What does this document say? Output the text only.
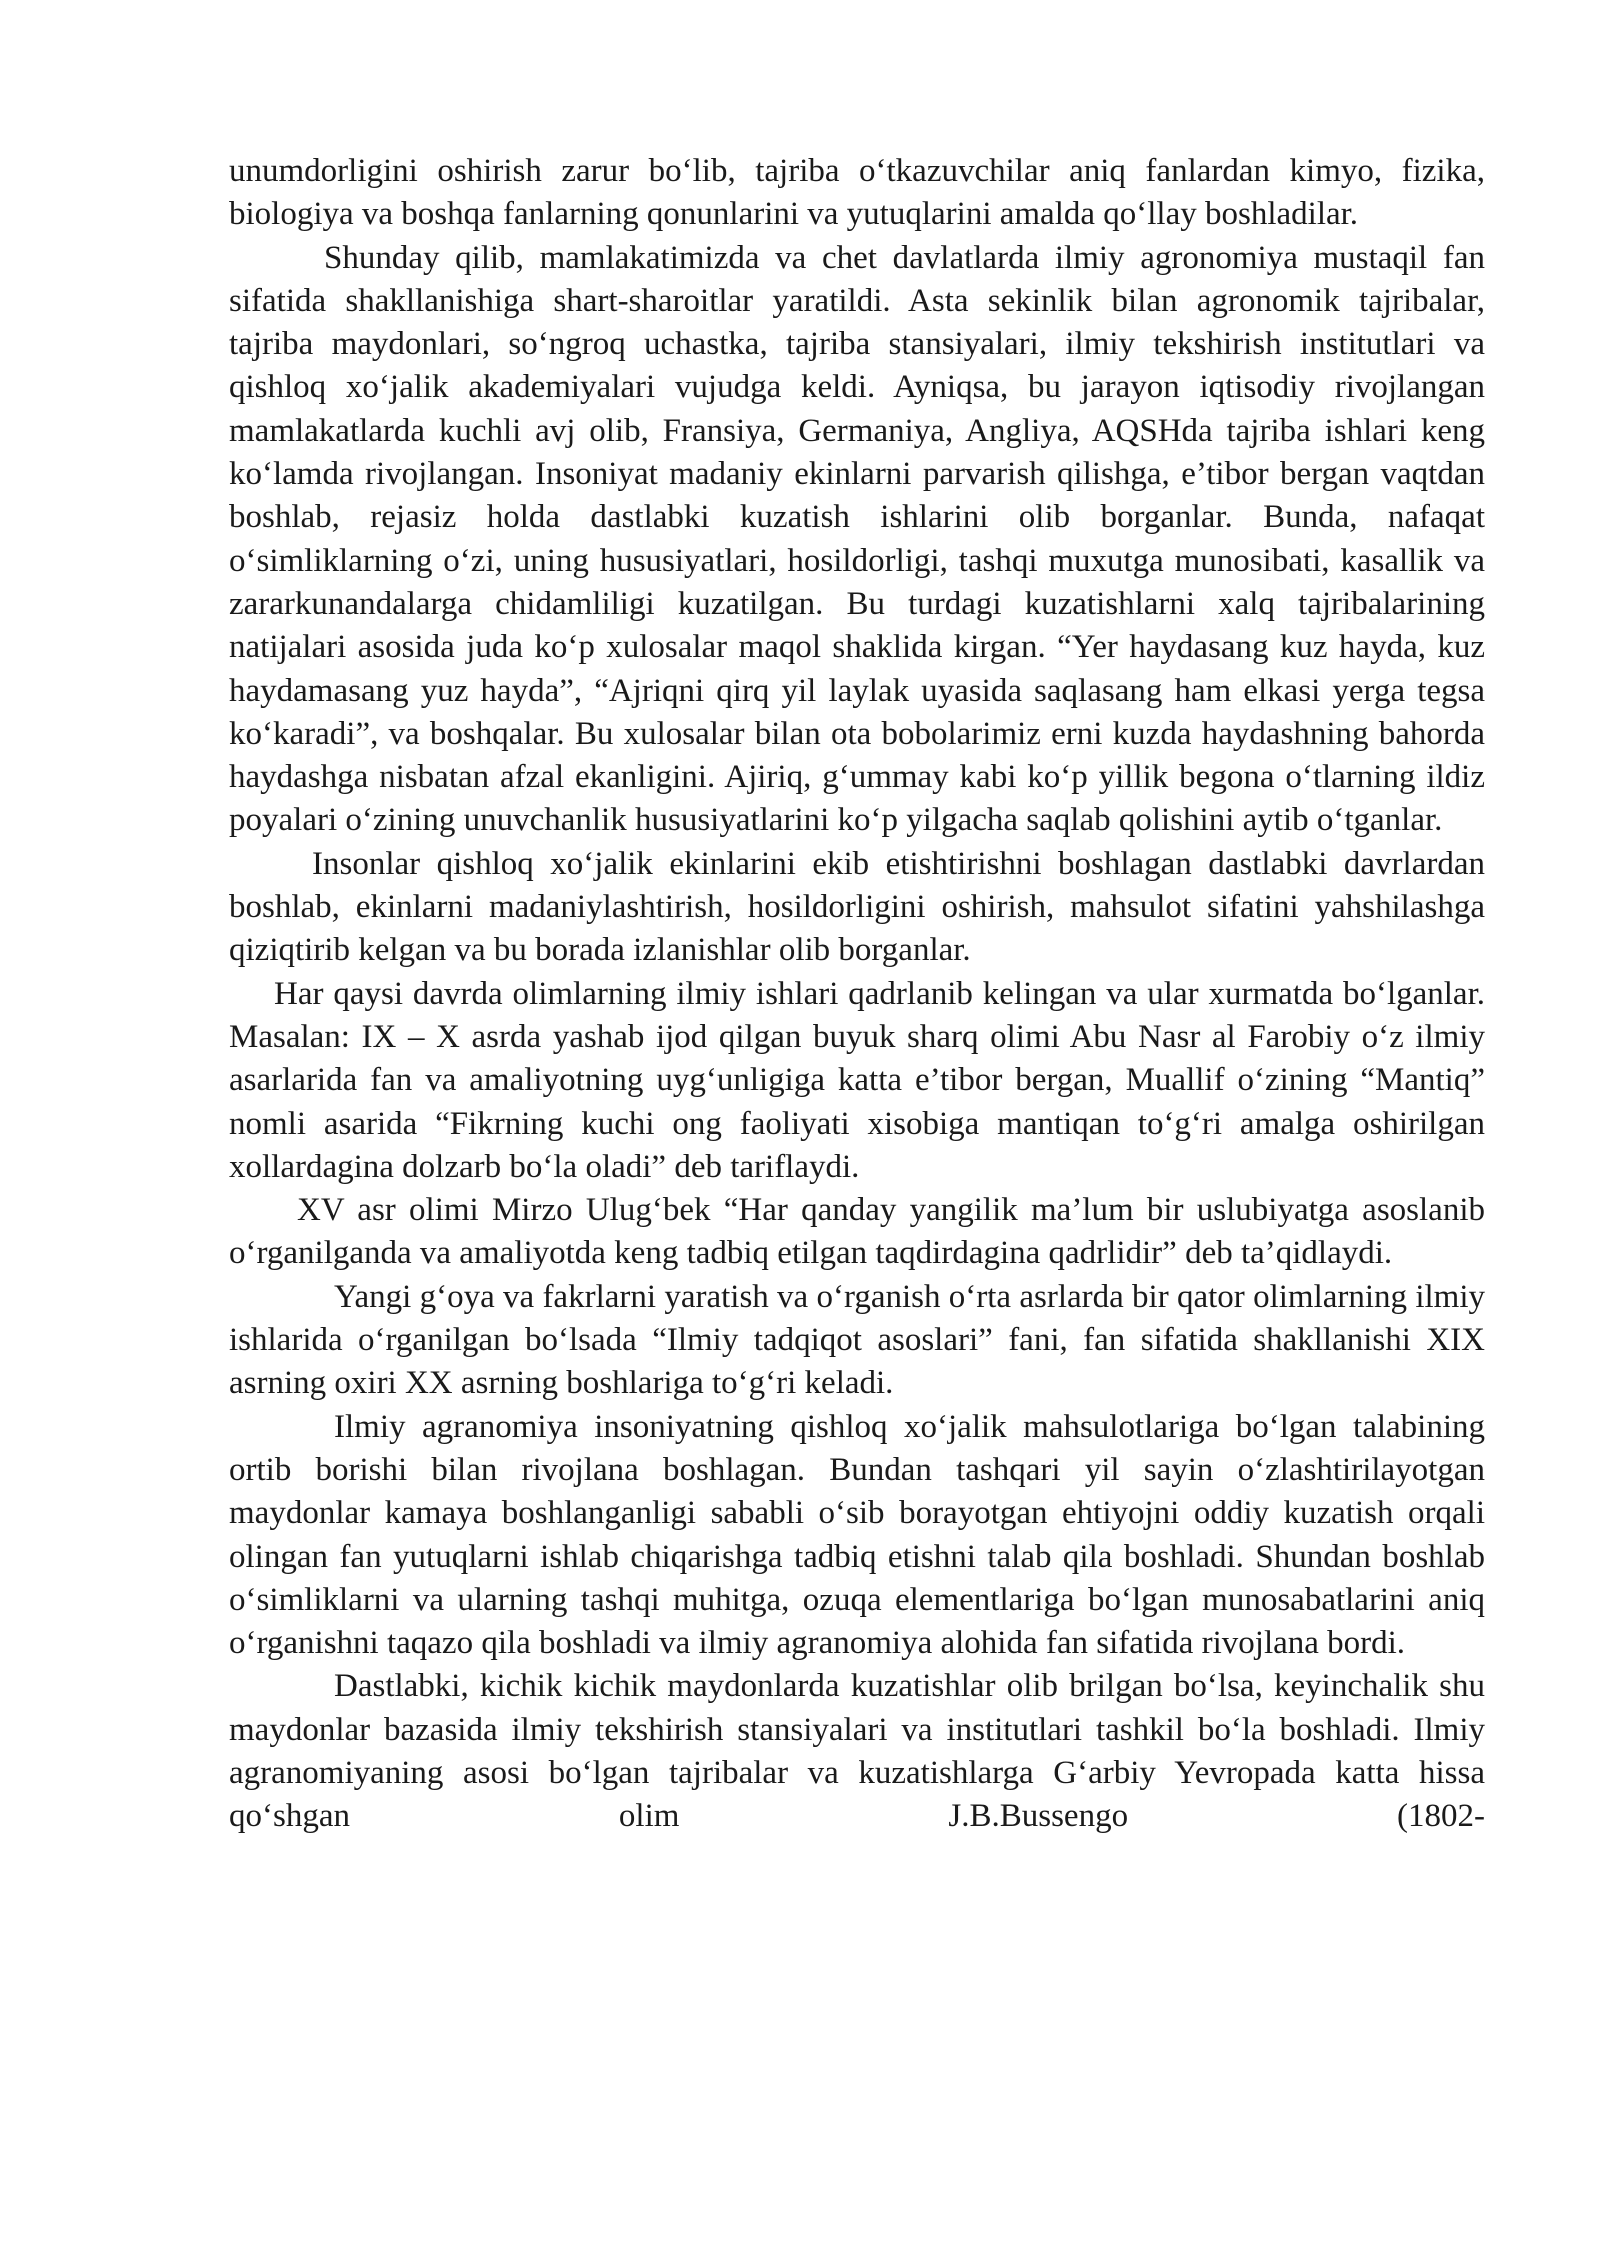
unumdorligini oshirish zarur bo‘lib, tajriba o‘tkazuvchilar aniq fanlardan kimyo, fizika, biologiya va boshqa fanlarning qonunlarini va yutuqlarini amalda qo‘llay boshladilar.

Shunday qilib, mamlakatimizda va chet davlatlarda ilmiy agronomiya mustaqil fan sifatida shakllanishiga shart-sharoitlar yaratildi. Asta sekinlik bilan agronomik tajribalar, tajriba maydonlari, so‘ngroq uchastka, tajriba stansiyalari, ilmiy tekshirish institutlari va qishloq xo‘jalik akademiyalari vujudga keldi. Ayniqsa, bu jarayon iqtisodiy rivojlangan mamlakatlarda kuchli avj olib, Fransiya, Germaniya, Angliya, AQSHda tajriba ishlari keng ko‘lamda rivojlangan. Insoniyat madaniy ekinlarni parvarish qilishga, e’tibor bergan vaqtdan boshlab, rejasiz holda dastlabki kuzatish ishlarini olib borganlar. Bunda, nafaqat o‘simliklarning o‘zi, uning hususiyatlari, hosildorligi, tashqi muxutga munosibati, kasallik va zararkunandalarga chidamliligi kuzatilgan. Bu turdagi kuzatishlarni xalq tajribalarining natijalari asosida juda ko‘p xulosalar maqol shaklida kirgan. “Yer haydasang kuz hayda, kuz haydamasang yuz hayda”, “Ajriqni qirq yil laylak uyasida saqlasang ham elkasi yerga tegsa ko‘karadi”, va boshqalar. Bu xulosalar bilan ota bobolarimiz erni kuzda haydashning bahorda haydashga nisbatan afzal ekanligini. Ajiriq, g‘ummay kabi ko‘p yillik begona o‘tlarning ildiz poyalari o‘zining unuvchanlik hususiyatlarini ko‘p yilgacha saqlab qolishini aytib o‘tganlar.

Insonlar qishloq xo‘jalik ekinlarini ekib etishtirishni boshlagan dastlabki davrlardan boshlab, ekinlarni madaniylashtirish, hosildorligini oshirish, mahsulot sifatini yahshilashga qiziqtirib kelgan va bu borada izlanishlar olib borganlar.

Har qaysi davrda olimlarning ilmiy ishlari qadrlanib kelingan va ular xurmatda bo‘lganlar. Masalan: IX – X asrda yashab ijod qilgan buyuk sharq olimi Abu Nasr al Farobiy o‘z ilmiy asarlarida fan va amaliyotning uyg‘unligiga katta e’tibor bergan, Muallif o‘zining “Mantiq” nomli asarida “Fikrning kuchi ong faoliyati xisobiga mantiqan to‘g‘ri amalga oshirilgan xollardagina dolzarb bo‘la oladi” deb tariflaydi.

XV asr olimi Mirzo Ulug‘bek “Har qanday yangilik ma’lum bir uslubiyatga asoslanib o‘rganilganda va amaliyotda keng tadbiq etilgan taqdirdagina qadrlidir” deb ta’qidlaydi.

Yangi g‘oya va fakrlarni yaratish va o‘rganish o‘rta asrlarda bir qator olimlarning ilmiy ishlarida o‘rganilgan bo‘lsada “Ilmiy tadqiqot asoslari” fani, fan sifatida shakllanishi XIX asrning oxiri XX asrning boshlariga to‘g‘ri keladi.

Ilmiy agranomiya insoniyatning qishloq xo‘jalik mahsulotlariga bo‘lgan talabining ortib borishi bilan rivojlana boshlagan. Bundan tashqari yil sayin o‘zlashtirilayotgan maydonlar kamaya boshlanganligi sababli o‘sib borayotgan ehtiyojni oddiy kuzatish orqali olingan fan yutuqlarni ishlab chiqarishga tadbiq etishni talab qila boshladi. Shundan boshlab o‘simliklarni va ularning tashqi muhitga, ozuqa elementlariga bo‘lgan munosabatlarini aniq o‘rganishni taqazo qila boshladi va ilmiy agranomiya alohida fan sifatida rivojlana bordi.

Dastlabki, kichik kichik maydonlarda kuzatishlar olib brilgan bo‘lsa, keyinchalik shu maydonlar bazasida ilmiy tekshirish stansiyalari va institutlari tashkil bo‘la boshladi. Ilmiy agranomiyaning asosi bo‘lgan tajribalar va kuzatishlarga G‘arbiy Yevropada katta hissa qo‘shgan olim J.B.Bussengo (1802-
